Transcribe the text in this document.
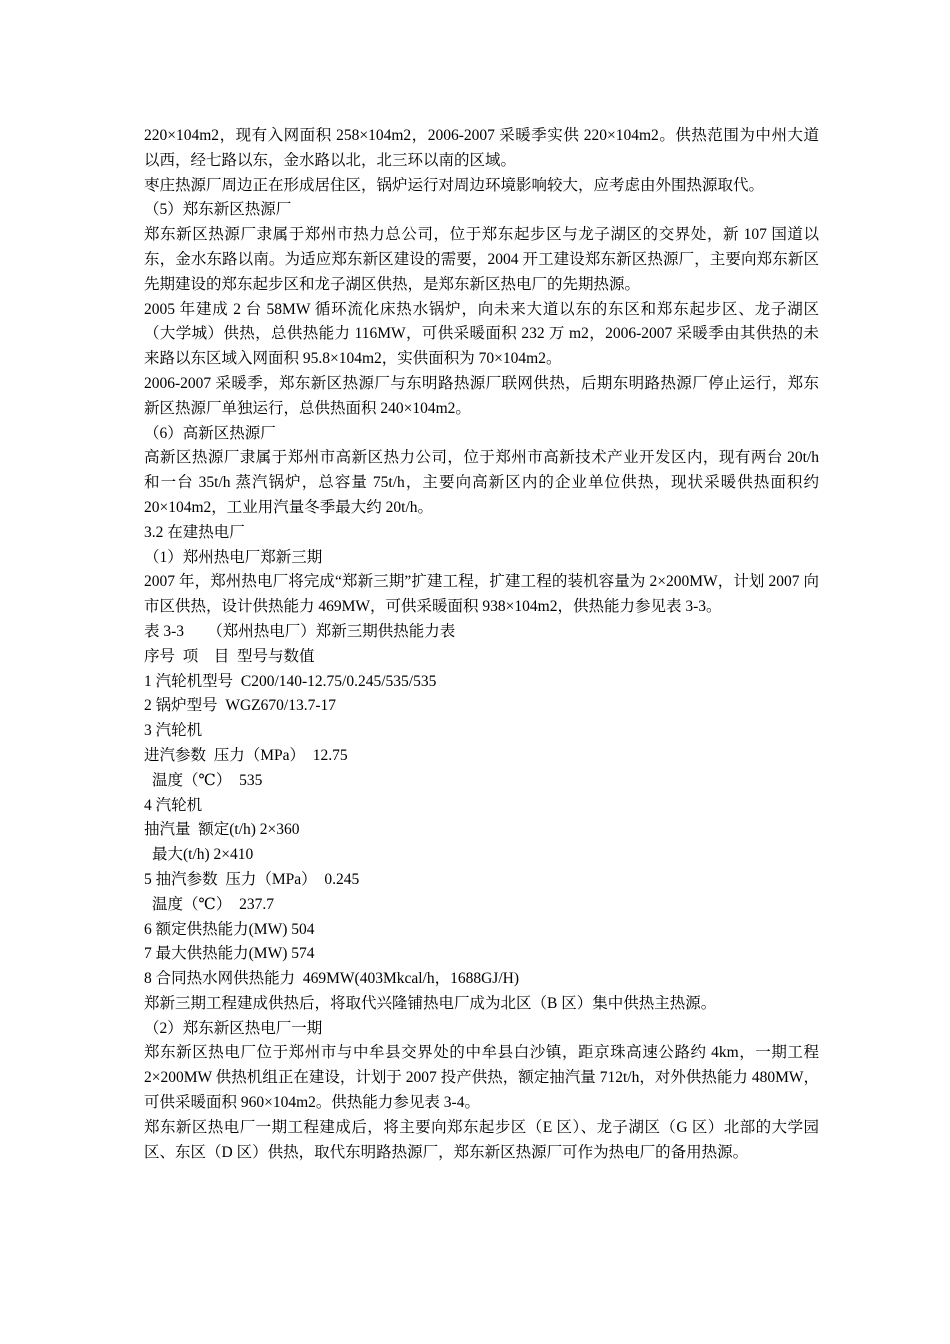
220×104m2，现有入网面积 258×104m2，2006-2007 采暖季实供 220×104m2。供热范围为中州大道以西，经七路以东，金水路以北，北三环以南的区域。

枣庄热源厂周边正在形成居住区，锅炉运行对周边环境影响较大，应考虑由外围热源取代。

（5）郑东新区热源厂

郑东新区热源厂隶属于郑州市热力总公司，位于郑东起步区与龙子湖区的交界处，新 107 国道以东，金水东路以南。为适应郑东新区建设的需要，2004 开工建设郑东新区热源厂，主要向郑东新区先期建设的郑东起步区和龙子湖区供热，是郑东新区热电厂的先期热源。

2005 年建成 2 台 58MW 循环流化床热水锅炉，向未来大道以东的东区和郑东起步区、龙子湖区（大学城）供热，总供热能力 116MW，可供采暖面积 232 万 m2，2006-2007 采暖季由其供热的未来路以东区域入网面积 95.8×104m2，实供面积为 70×104m2。

2006-2007 采暖季，郑东新区热源厂与东明路热源厂联网供热，后期东明路热源厂停止运行，郑东新区热源厂单独运行，总供热面积 240×104m2。

（6）高新区热源厂

高新区热源厂隶属于郑州市高新区热力公司，位于郑州市高新技术产业开发区内，现有两台 20t/h 和一台 35t/h 蒸汽锅炉，总容量 75t/h，主要向高新区内的企业单位供热，现状采暖供热面积约 20×104m2，工业用汽量冬季最大约 20t/h。

3.2 在建热电厂

（1）郑州热电厂郑新三期

2007 年，郑州热电厂将完成“郑新三期”扩建工程，扩建工程的装机容量为 2×200MW，计划 2007 向市区供热，设计供热能力 469MW，可供采暖面积 938×104m2，供热能力参见表 3-3。

表 3-3　　（郑州热电厂）郑新三期供热能力表

序号  项　目  型号与数值

1 汽轮机型号  C200/140-12.75/0.245/535/535

2 锅炉型号  WGZ670/13.7-17

3 汽轮机

进汽参数  压力（MPa）  12.75

温度（℃）  535

4 汽轮机

抽汽量  额定(t/h) 2×360

最大(t/h) 2×410

5 抽汽参数  压力（MPa）  0.245

温度（℃）  237.7

6 额定供热能力(MW) 504

7 最大供热能力(MW) 574

8 合同热水网供热能力  469MW(403Mkcal/h，1688GJ/H)

郑新三期工程建成供热后，将取代兴隆铺热电厂成为北区（B 区）集中供热主热源。

（2）郑东新区热电厂一期

郑东新区热电厂位于郑州市与中牟县交界处的中牟县白沙镇，距京珠高速公路约 4km，一期工程 2×200MW 供热机组正在建设，计划于 2007 投产供热，额定抽汽量 712t/h，对外供热能力 480MW，可供采暖面积 960×104m2。供热能力参见表 3-4。

郑东新区热电厂一期工程建成后，将主要向郑东起步区（E 区）、龙子湖区（G 区）北部的大学园区、东区（D 区）供热，取代东明路热源厂，郑东新区热源厂可作为热电厂的备用热源。
